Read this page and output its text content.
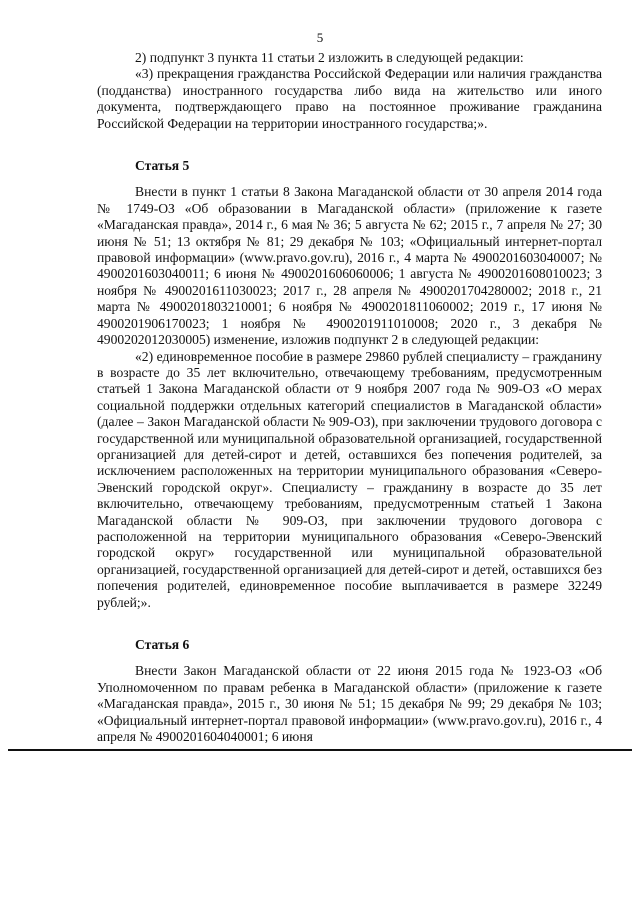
5

2) подпункт 3 пункта 11 статьи 2 изложить в следующей редакции:

«3) прекращения гражданства Российской Федерации или наличия гражданства (подданства) иностранного государства либо вида на жительство или иного документа, подтверждающего право на постоянное проживание гражданина Российской Федерации на территории иностранного государства;».

Статья 5

Внести в пункт 1 статьи 8 Закона Магаданской области от 30 апреля 2014 года № 1749-ОЗ «Об образовании в Магаданской области» (приложение к газете «Магаданская правда», 2014 г., 6 мая № 36; 5 августа № 62; 2015 г., 7 апреля № 27; 30 июня № 51; 13 октября № 81; 29 декабря № 103; «Официальный интернет-портал правовой информации» (www.pravo.gov.ru), 2016 г., 4 марта № 4900201603040007; № 4900201603040011; 6 июня № 4900201606060006; 1 августа № 4900201608010023; 3 ноября № 4900201611030023; 2017 г., 28 апреля № 4900201704280002; 2018 г., 21 марта № 4900201803210001; 6 ноября № 4900201811060002; 2019 г., 17 июня № 4900201906170023; 1 ноября № 4900201911010008; 2020 г., 3 декабря № 4900202012030005) изменение, изложив подпункт 2 в следующей редакции:

«2) единовременное пособие в размере 29860 рублей специалисту – гражданину в возрасте до 35 лет включительно, отвечающему требованиям, предусмотренным статьей 1 Закона Магаданской области от 9 ноября 2007 года № 909-ОЗ «О мерах социальной поддержки отдельных категорий специалистов в Магаданской области» (далее – Закон Магаданской области № 909-ОЗ), при заключении трудового договора с государственной или муниципальной образовательной организацией, государственной организацией для детей-сирот и детей, оставшихся без попечения родителей, за исключением расположенных на территории муниципального образования «Северо-Эвенский городской округ». Специалисту – гражданину в возрасте до 35 лет включительно, отвечающему требованиям, предусмотренным статьей 1 Закона Магаданской области № 909-ОЗ, при заключении трудового договора с расположенной на территории муниципального образования «Северо-Эвенский городской округ» государственной или муниципальной образовательной организацией, государственной организацией для детей-сирот и детей, оставшихся без попечения родителей, единовременное пособие выплачивается в размере 32249 рублей;».

Статья 6

Внести Закон Магаданской области от 22 июня 2015 года № 1923-ОЗ «Об Уполномоченном по правам ребенка в Магаданской области» (приложение к газете «Магаданская правда», 2015 г., 30 июня № 51; 15 декабря № 99; 29 декабря № 103; «Официальный интернет-портал правовой информации» (www.pravo.gov.ru), 2016 г., 4 апреля № 4900201604040001; 6 июня
